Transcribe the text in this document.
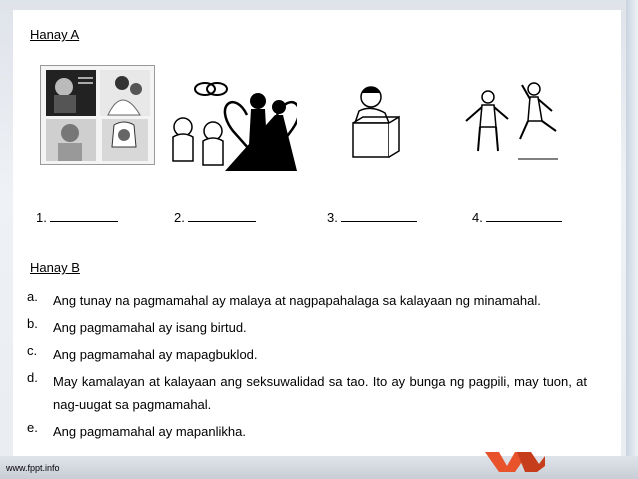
Hanay A
1.	2.	3.	4.
Hanay B
a.	Ang tunay na pagmamahal ay malaya at nagpapahalaga sa kalayaan ng minamahal.
b.	Ang pagmamahal ay isang birtud.
c.	Ang pagmamahal ay mapagbuklod.
d.	May kamalayan at kalayaan ang seksuwalidad sa tao. Ito ay bunga ng pagpili, may tuon, at nag-uugat sa pagmamahal.
e.	Ang pagmamahal ay mapanlikha.
www.fppt.info
